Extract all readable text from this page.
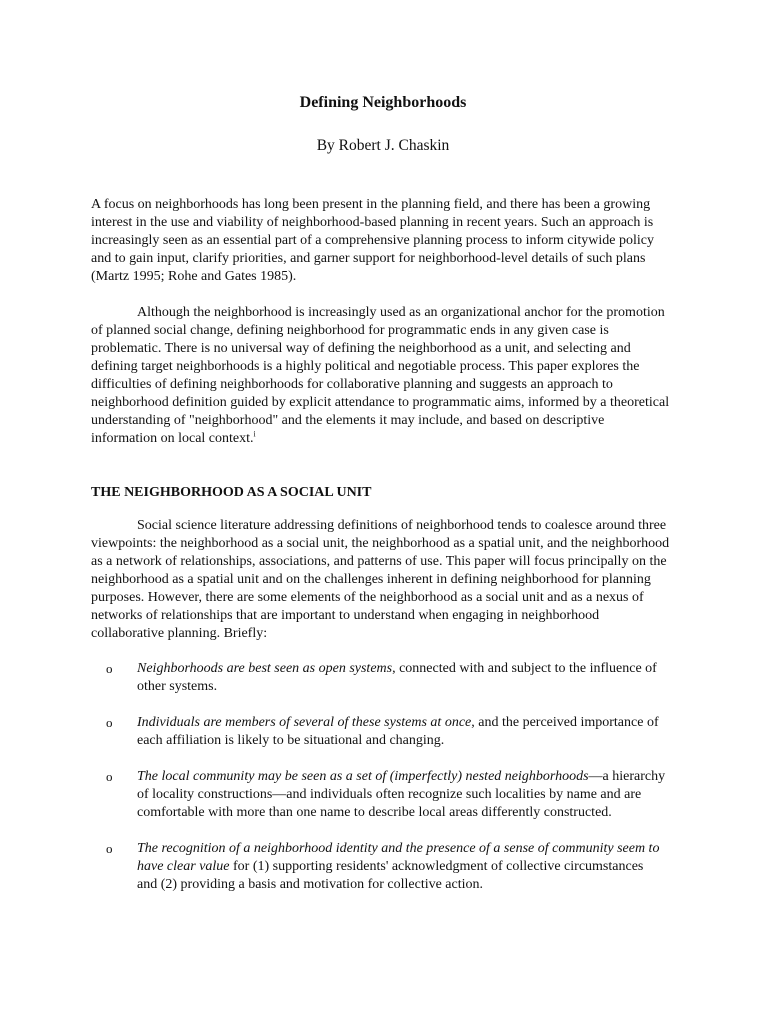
Defining Neighborhoods

By Robert J. Chaskin

A focus on neighborhoods has long been present in the planning field, and there has been a growing interest in the use and viability of neighborhood-based planning in recent years. Such an approach is increasingly seen as an essential part of a comprehensive planning process to inform citywide policy and to gain input, clarify priorities, and garner support for neighborhood-level details of such plans (Martz 1995; Rohe and Gates 1985).

Although the neighborhood is increasingly used as an organizational anchor for the promotion of planned social change, defining neighborhood for programmatic ends in any given case is problematic. There is no universal way of defining the neighborhood as a unit, and selecting and defining target neighborhoods is a highly political and negotiable process. This paper explores the difficulties of defining neighborhoods for collaborative planning and suggests an approach to neighborhood definition guided by explicit attendance to programmatic aims, informed by a theoretical understanding of "neighborhood" and the elements it may include, and based on descriptive information on local context.$^i$

THE NEIGHBORHOOD AS A SOCIAL UNIT

Social science literature addressing definitions of neighborhood tends to coalesce around three viewpoints: the neighborhood as a social unit, the neighborhood as a spatial unit, and the neighborhood as a network of relationships, associations, and patterns of use. This paper will focus principally on the neighborhood as a spatial unit and on the challenges inherent in defining neighborhood for planning purposes. However, there are some elements of the neighborhood as a social unit and as a nexus of networks of relationships that are important to understand when engaging in neighborhood collaborative planning. Briefly:

o Neighborhoods are best seen as open systems, connected with and subject to the influence of other systems.
o Individuals are members of several of these systems at once, and the perceived importance of each affiliation is likely to be situational and changing.
o The local community may be seen as a set of (imperfectly) nested neighborhoods—a hierarchy of locality constructions—and individuals often recognize such localities by name and are comfortable with more than one name to describe local areas differently constructed.
o The recognition of a neighborhood identity and the presence of a sense of community seem to have clear value for (1) supporting residents' acknowledgment of collective circumstances and (2) providing a basis and motivation for collective action.
